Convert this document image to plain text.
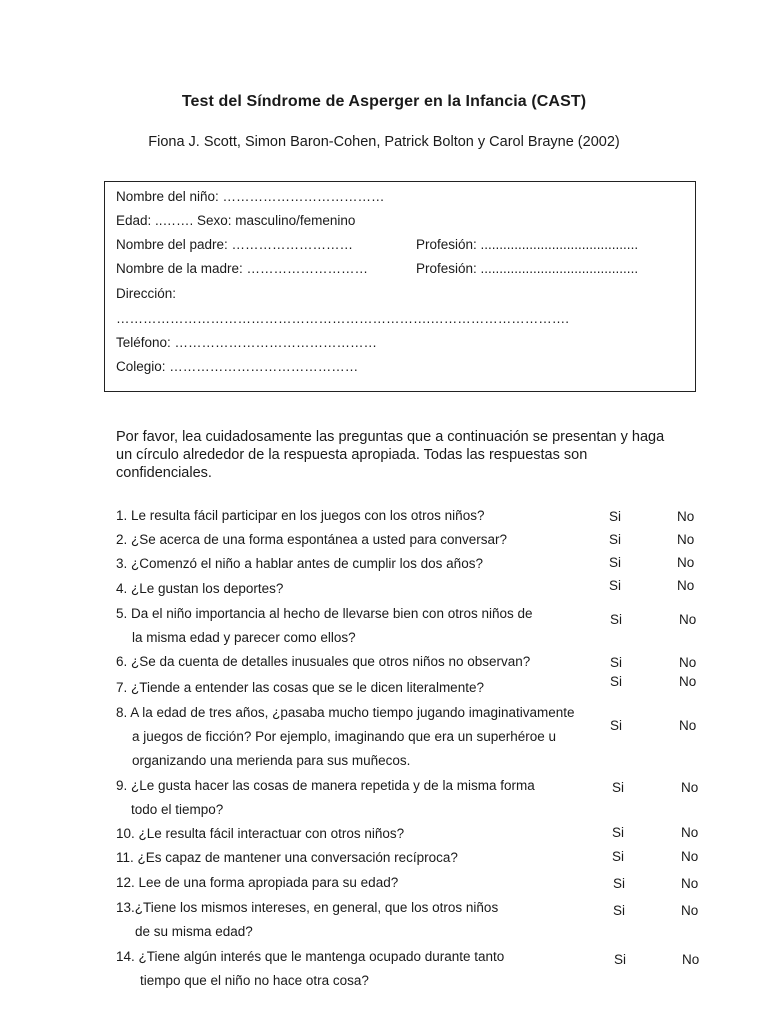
Test del Síndrome de Asperger en la Infancia (CAST)
Fiona J. Scott, Simon Baron-Cohen, Patrick Bolton y Carol Brayne (2002)
Nombre del niño: ………………………………
Edad: ..……. Sexo: masculino/femenino
Nombre del padre: ………………………	Profesión: ..........................................
Nombre de la madre: ………………………	Profesión: ..........................................
Dirección:
…………………………………………………………….………………………….
Teléfono: ………………………………………
Colegio: ……………………………………
Por favor, lea cuidadosamente las preguntas que a continuación se presentan y haga un círculo alrededor de la respuesta apropiada. Todas las respuestas son confidenciales.
1. Le resulta fácil participar en los juegos con los otros niños?	Si	No
2. ¿Se acerca de una forma espontánea a usted para conversar?	Si	No
3. ¿Comenzó el niño a hablar antes de cumplir los dos años?	Si	No
4. ¿Le gustan los deportes?	Si	No
5. Da el niño importancia al hecho de llevarse bien con otros niños de
la misma edad y parecer como ellos?
Si	No
6. ¿Se da cuenta de detalles inusuales que otros niños no observan?	Si	No
7. ¿Tiende a entender las cosas que se le dicen literalmente?	Si	No
8. A la edad de tres años, ¿pasaba mucho tiempo jugando imaginativamente
a juegos de ficción? Por ejemplo, imaginando que era un superhéroe u
organizando una merienda para sus muñecos.
Si	No
9. ¿Le gusta hacer las cosas de manera repetida y de la misma forma
todo el tiempo?
Si	No
10. ¿Le resulta fácil interactuar con otros niños?	Si	No
11. ¿Es capaz de mantener una conversación recíproca?	Si	No
12. Lee de una forma apropiada para su edad?	Si	No
13.¿Tiene los mismos intereses, en general, que los otros niños
de su misma edad?
Si	No
14. ¿Tiene algún interés que le mantenga ocupado durante tanto
tiempo que el niño no hace otra cosa?
Si	No
